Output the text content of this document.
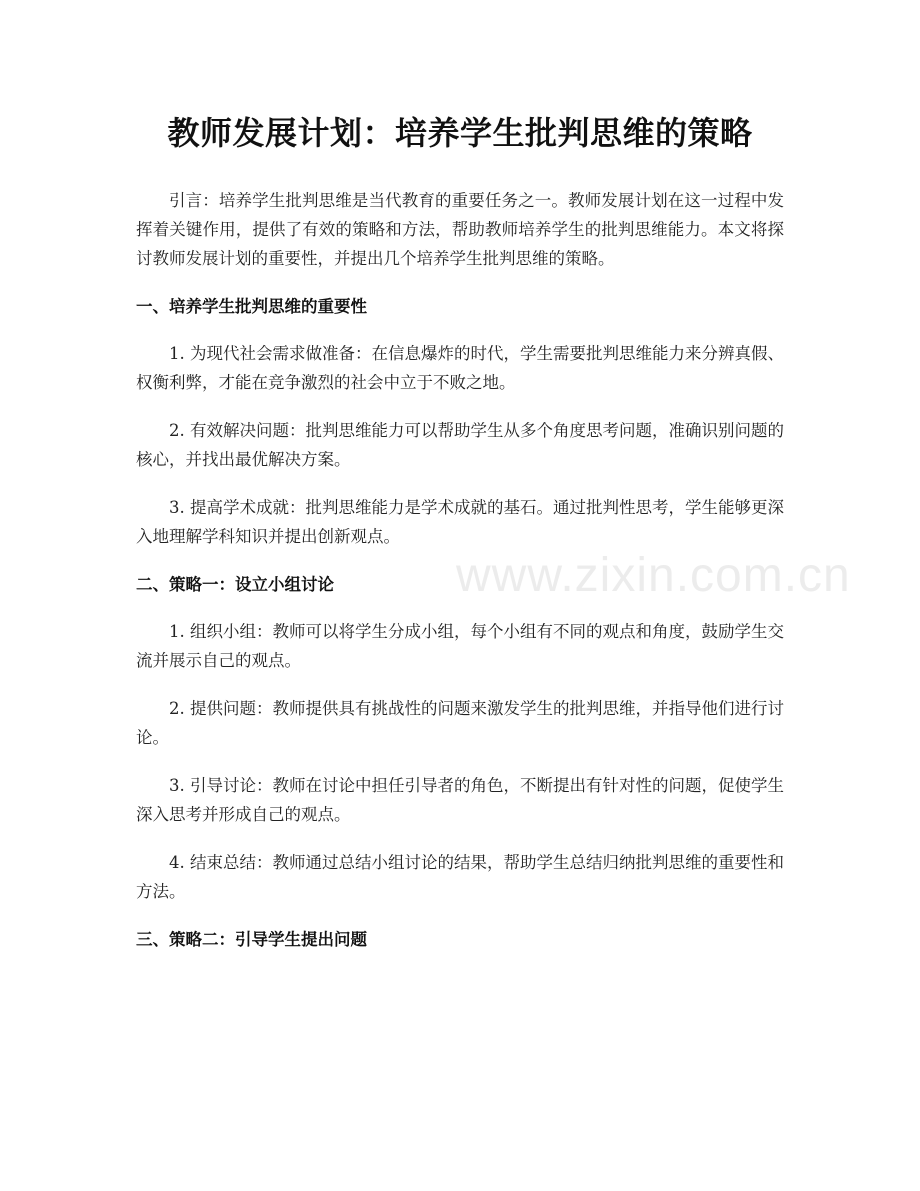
教师发展计划：培养学生批判思维的策略

引言：培养学生批判思维是当代教育的重要任务之一。教师发展计划在这一过程中发挥着关键作用，提供了有效的策略和方法，帮助教师培养学生的批判思维能力。本文将探讨教师发展计划的重要性，并提出几个培养学生批判思维的策略。

一、培养学生批判思维的重要性

1. 为现代社会需求做准备：在信息爆炸的时代，学生需要批判思维能力来分辨真假、权衡利弊，才能在竞争激烈的社会中立于不败之地。

2. 有效解决问题：批判思维能力可以帮助学生从多个角度思考问题，准确识别问题的核心，并找出最优解决方案。

3. 提高学术成就：批判思维能力是学术成就的基石。通过批判性思考，学生能够更深入地理解学科知识并提出创新观点。

二、策略一：设立小组讨论

1. 组织小组：教师可以将学生分成小组，每个小组有不同的观点和角度，鼓励学生交流并展示自己的观点。

2. 提供问题：教师提供具有挑战性的问题来激发学生的批判思维，并指导他们进行讨论。

3. 引导讨论：教师在讨论中担任引导者的角色，不断提出有针对性的问题，促使学生深入思考并形成自己的观点。

4. 结束总结：教师通过总结小组讨论的结果，帮助学生总结归纳批判思维的重要性和方法。

三、策略二：引导学生提出问题
www.zixin.com.cn
